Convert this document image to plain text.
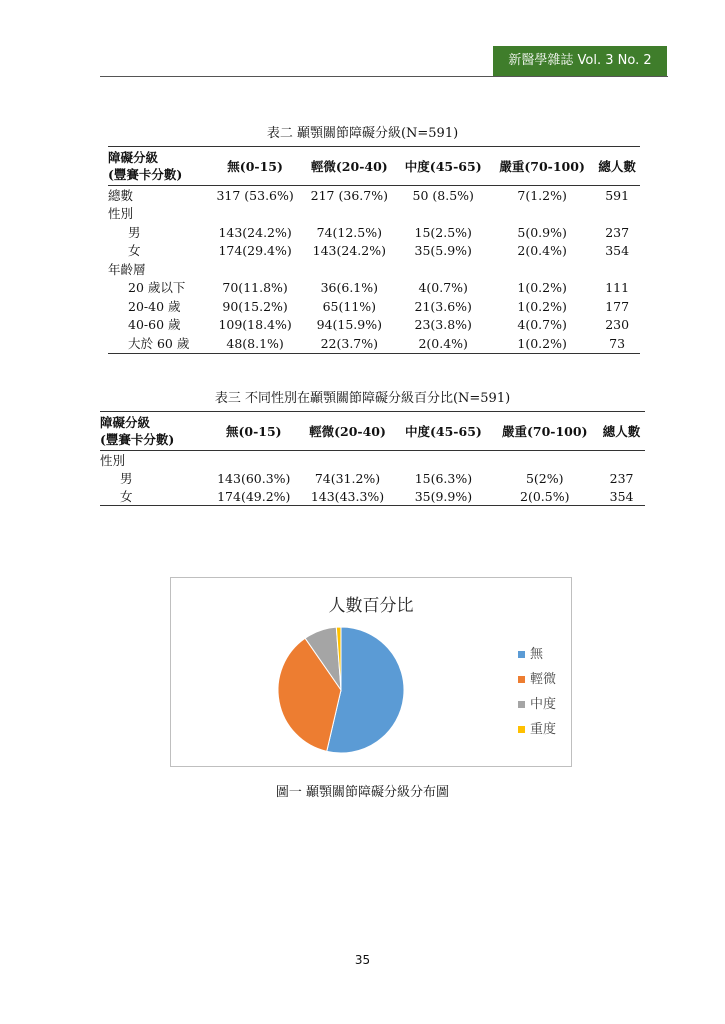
新醫學雜誌 Vol. 3 No. 2
表二 顳顎關節障礙分級(N=591)
障礙分級
(豐賽卡分數)	無(0-15)	輕微(20-40)	中度(45-65)	嚴重(70-100)	總人數
總數	317 (53.6%)	217 (36.7%)	50 (8.5%)	7(1.2%)	591
性別					
男	143(24.2%)	74(12.5%)	15(2.5%)	5(0.9%)	237
女	174(29.4%)	143(24.2%)	35(5.9%)	2(0.4%)	354
年齡層					
20 歲以下	70(11.8%)	36(6.1%)	4(0.7%)	1(0.2%)	111
20-40 歲	90(15.2%)	65(11%)	21(3.6%)	1(0.2%)	177
40-60 歲	109(18.4%)	94(15.9%)	23(3.8%)	4(0.7%)	230
大於 60 歲	48(8.1%)	22(3.7%)	2(0.4%)	1(0.2%)	73
表三 不同性別在顳顎關節障礙分級百分比(N=591)
障礙分級
(豐賽卡分數)	無(0-15)	輕微(20-40)	中度(45-65)	嚴重(70-100)	總人數
性別					
男	143(60.3%)	74(31.2%)	15(6.3%)	5(2%)	237
女	174(49.2%)	143(43.3%)	35(9.9%)	2(0.5%)	354
人數百分比
無
輕微
中度
重度
圖一 顳顎關節障礙分級分布圖
35
